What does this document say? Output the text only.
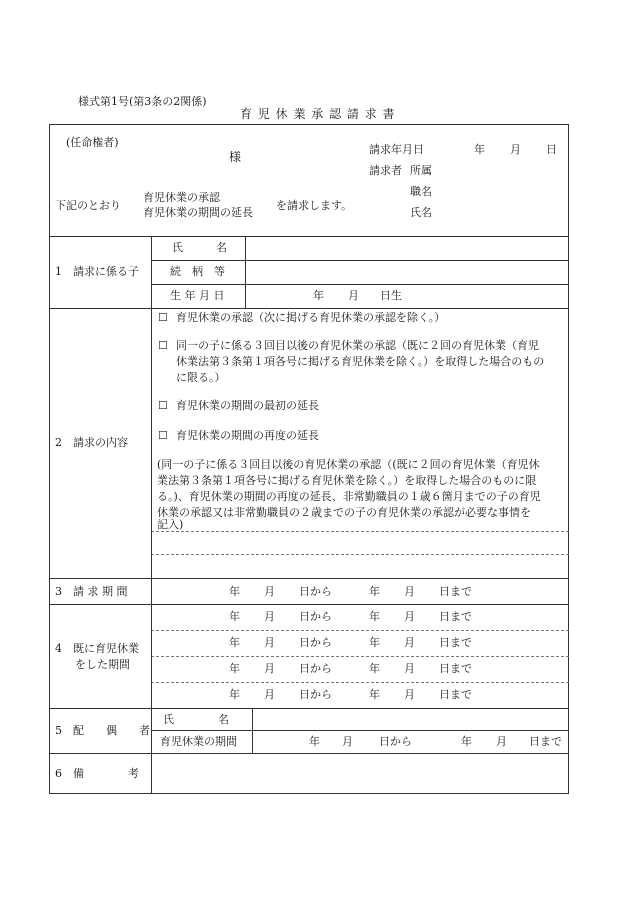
様式第1号(第3条の2関係)
育 児 休 業 承 認 請 求 書
(任命権者)
様
請求年月日	年 月 日
請求者 所属
職名
氏名
下記のとおり
育児休業の承認
育児休業の期間の延長
を請求します。
1　請求に係る子
氏　　　名
続　柄　等
生 年 月 日	年 月 日生
2　請求の内容
☐ 育児休業の承認（次に掲げる育児休業の承認を除く。）
☐ 同一の子に係る３回目以後の育児休業の承認（既に２回の育児休業（育児
休業法第３条第１項各号に掲げる育児休業を除く。）を取得した場合のもの
に限る。）
☐ 育児休業の期間の最初の延長
☐ 育児休業の期間の再度の延長
(同一の子に係る３回目以後の育児休業の承認（(既に２回の育児休業（育児休
業法第３条第１項各号に掲げる育児休業を除く。）を取得した場合のものに限
る。)、育児休業の期間の再度の延長、非常勤職員の１歳６箇月までの子の育児
休業の承認又は非常勤職員の２歳までの子の育児休業の承認が必要な事情を
記入)
3　請 求 期 間	年 月 日から	年 月 日まで
4　既に育児休業
をした期間
年 月 日から	年 月 日まで
年 月 日から	年 月 日まで
年 月 日から	年 月 日まで
年 月 日から	年 月 日まで
5　配　　偶　　者
氏　　　　名
育児休業の期間	年 月 日から	年 月 日まで
6　備　　　　考
